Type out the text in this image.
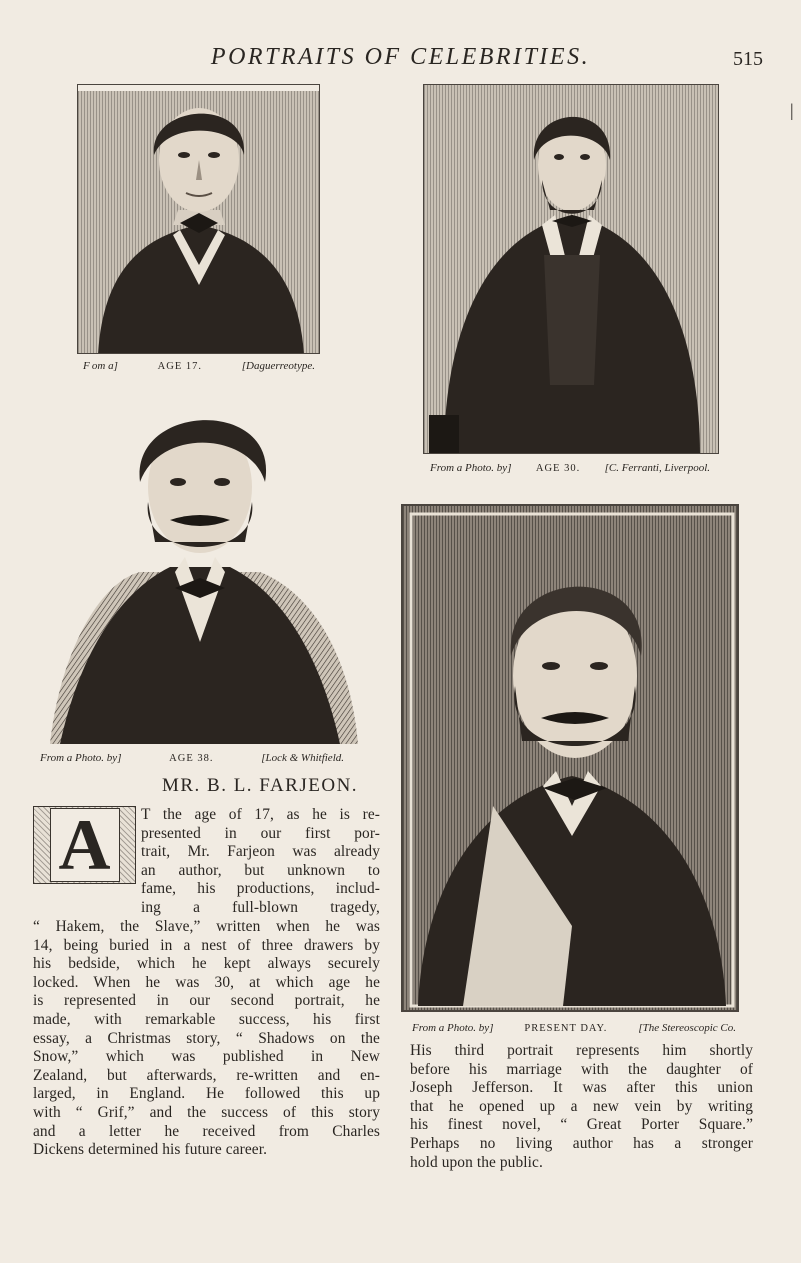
PORTRAITS OF CELEBRITIES.	515
|
F om a]	AGE 17.	[Daguerreotype.
From a Photo. by] AGE 30. [C. Ferranti, Liverpool.
From a Photo. by]	AGE 38.	[Lock & Whitfield.
From a Photo. by]	PRESENT DAY.	[The Stereoscopic Co.
MR. B. L. FARJEON.
A	T the age of 17, as he is re-
presented in our first por-
trait, Mr. Farjeon was already
an author, but unknown to
fame, his productions, includ-
ing a full-blown tragedy,
“ Hakem, the Slave,” written when he was
14, being buried in a nest of three drawers by
his bedside, which he kept always securely
locked. When he was 30, at which age he
is represented in our second portrait, he
made, with remarkable success, his first
essay, a Christmas story, “ Shadows on the
Snow,” which was published in New
Zealand, but afterwards, re-written and en-
larged, in England. He followed this up
with “ Grif,” and the success of this story
and a letter he received from Charles
Dickens determined his future career.
His third portrait represents him shortly
before his marriage with the daughter of
Joseph Jefferson. It was after this union
that he opened up a new vein by writing
his finest novel, “ Great Porter Square.”
Perhaps no living author has a stronger
hold upon the public.
